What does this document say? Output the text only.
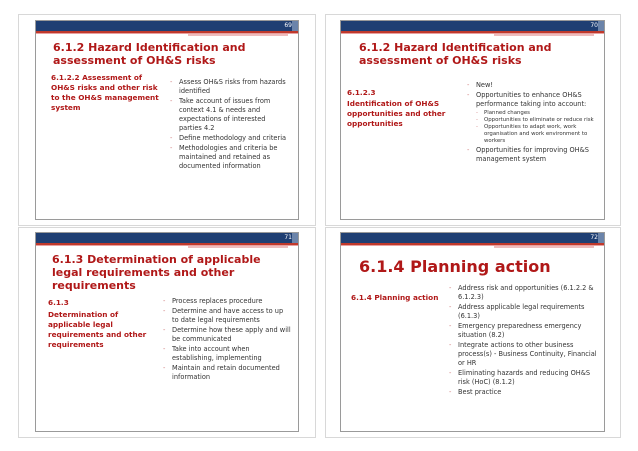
69
6.1.2 Hazard Identification and assessment of OH&S risks
6.1.2.2 Assessment of OH&S risks and other risk to the OH&S management system
- Assess OH&S risks from hazards identified
- Take account of issues from context 4.1 & needs and expectations of interested parties 4.2
- Define methodology and criteria
- Methodologies and criteria be maintained and retained as documented information
70
6.1.2 Hazard Identification and assessment of OH&S risks
6.1.2.3
Identification of OH&S opportunities and other opportunities
- New!
- Opportunities to enhance OH&S performance taking into account:
- Planned changes
- Opportunities to eliminate or reduce risk
- Opportunities to adapt work, work organisation and work environment to workers
- Opportunities for improving OH&S management system
71
6.1.3 Determination of applicable legal requirements and other requirements
6.1.3
Determination of applicable legal requirements and other requirements
- Process replaces procedure
- Determine and have access to up to date legal requirements
- Determine how these apply and will be communicated
- Take into account when establishing, implementing
- Maintain and retain documented information
72
6.1.4 Planning action
6.1.4 Planning action
- Address risk and opportunities (6.1.2.2 & 6.1.2.3)
- Address applicable legal requirements (6.1.3)
- Emergency preparedness emergency situation (8.2)
- Integrate actions to other business process(s) - Business Continuity, Financial or HR
- Eliminating hazards and reducing OH&S risk (HoC) (8.1.2)
- Best practice
